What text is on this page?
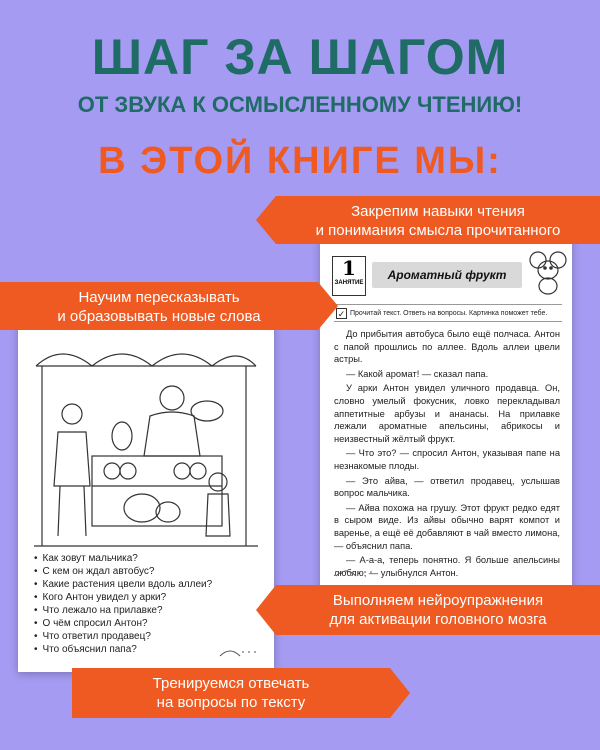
ШАГ ЗА ШАГОМ
ОТ ЗВУКА К ОСМЫСЛЕННОМУ ЧТЕНИЮ!
В ЭТОЙ КНИГЕ МЫ:
• Как зовут мальчика?
• С кем он ждал автобус?
• Какие растения цвели вдоль аллеи?
• Кого Антон увидел у арки?
• Что лежало на прилавке?
• О чём спросил Антон?
• Что ответил продавец?
• Что объяснил папа?
1
ЗАНЯТИЕ
Ароматный фрукт
✓ Прочитай текст. Ответь на вопросы. Картинка поможет тебе.

До прибытия автобуса было ещё полчаса. Антон с папой прошлись по аллее. Вдоль аллеи цвели астры.

— Какой аромат! — сказал папа.

У арки Антон увидел уличного продавца. Он, словно умелый фокусник, ловко перекладывал аппетитные арбузы и ананасы. На прилавке лежали ароматные апельсины, абрикосы и неизвестный жёлтый фрукт.

— Что это? — спросил Антон, указывая папе на незнакомые плоды.

— Это айва, — ответил продавец, услышав вопрос мальчика.

— Айва похожа на грушу. Этот фрукт редко едят в сыром виде. Из айвы обычно варят компот и варенье, а ещё её добавляют в чай вместо лимона, — объяснил папа.

— А-а-а, теперь понятно. Я больше апельсины люблю, — улыбнулся Антон.

Закрепим навыки чтения
и понимания смысла прочитанного
Научим пересказывать
и образовывать новые слова
Выполняем нейроупражнения
для активации головного мозга
Тренируемся отвечать
на вопросы по тексту
